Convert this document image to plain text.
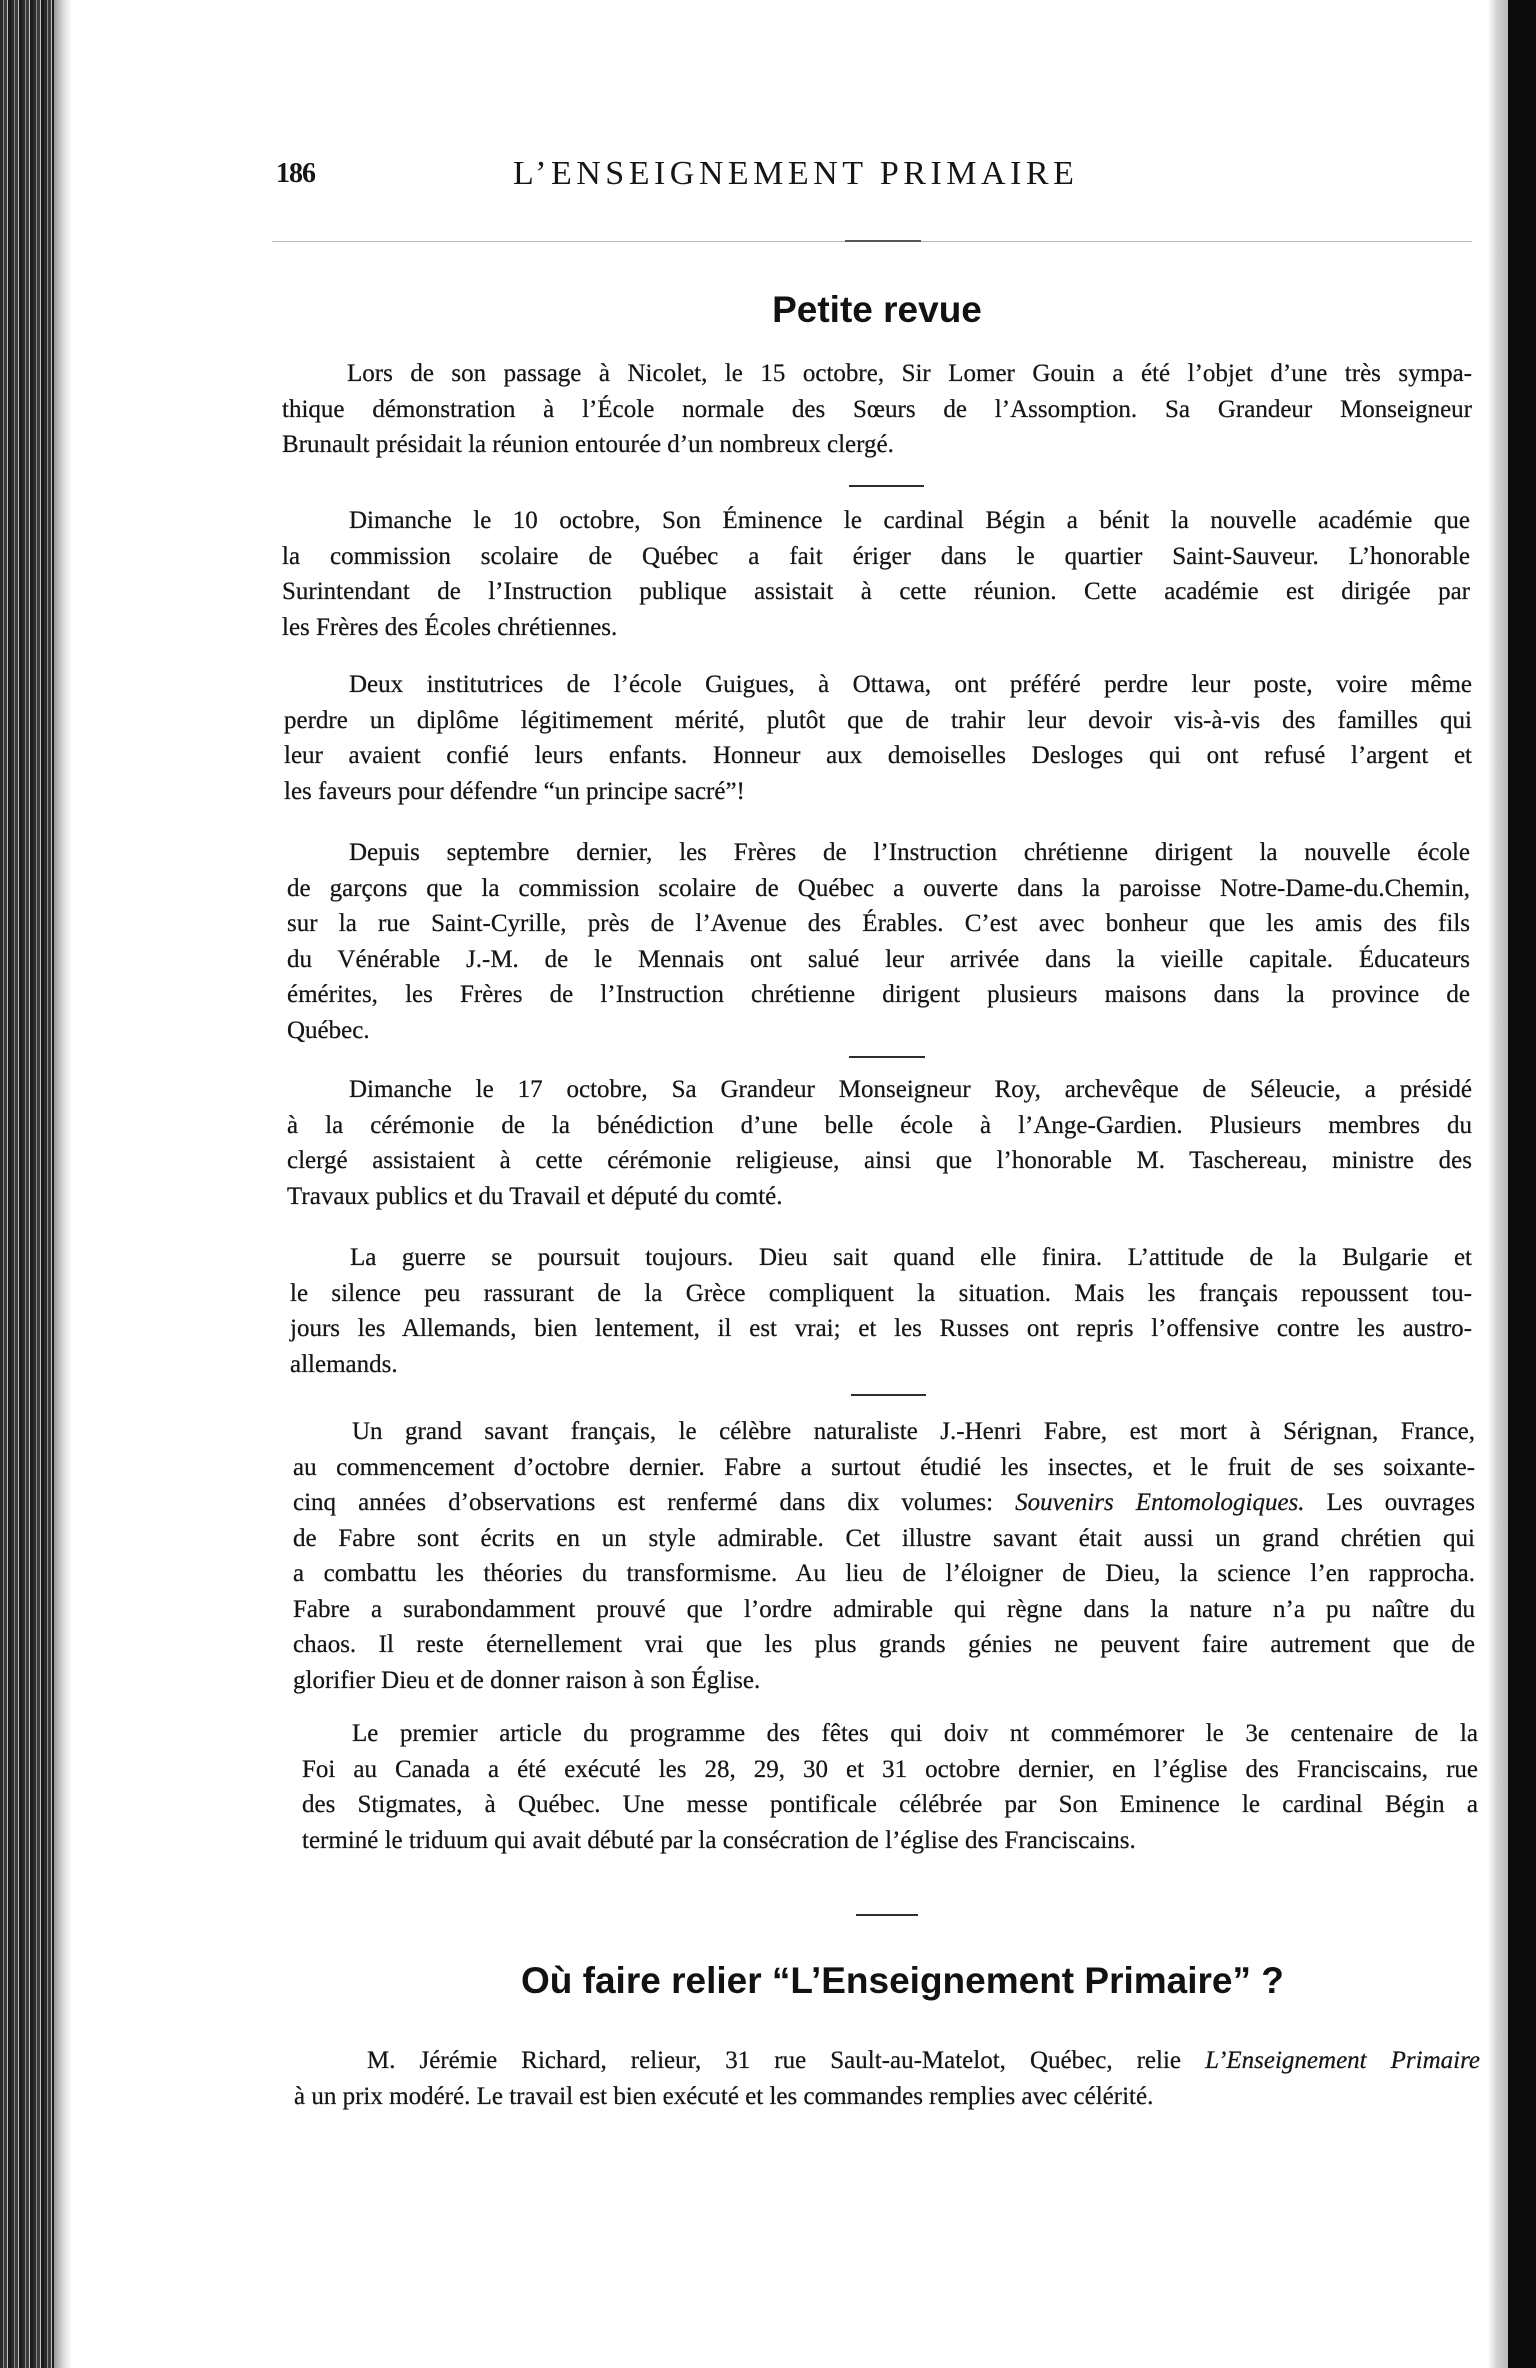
186	L’ENSEIGNEMENT PRIMAIRE
Petite revue
Lors de son passage à Nicolet, le 15 octobre, Sir Lomer Gouin a été l’objet d’une très sympa-
thique démonstration à l’École normale des Sœurs de l’Assomption. Sa Grandeur Monseigneur
Brunault présidait la réunion entourée d’un nombreux clergé.
Dimanche le 10 octobre, Son Éminence le cardinal Bégin a bénit la nouvelle académie que
la commission scolaire de Québec a fait ériger dans le quartier Saint-Sauveur. L’honorable
Surintendant de l’Instruction publique assistait à cette réunion. Cette académie est dirigée par
les Frères des Écoles chrétiennes.
Deux institutrices de l’école Guigues, à Ottawa, ont préféré perdre leur poste, voire même
perdre un diplôme légitimement mérité, plutôt que de trahir leur devoir vis-à-vis des familles qui
leur avaient confié leurs enfants. Honneur aux demoiselles Desloges qui ont refusé l’argent et
les faveurs pour défendre “un principe sacré”!
Depuis septembre dernier, les Frères de l’Instruction chrétienne dirigent la nouvelle école
de garçons que la commission scolaire de Québec a ouverte dans la paroisse Notre-Dame-du.Chemin,
sur la rue Saint-Cyrille, près de l’Avenue des Érables. C’est avec bonheur que les amis des fils
du Vénérable J.-M. de le Mennais ont salué leur arrivée dans la vieille capitale. Éducateurs
émérites, les Frères de l’Instruction chrétienne dirigent plusieurs maisons dans la province de
Québec.
Dimanche le 17 octobre, Sa Grandeur Monseigneur Roy, archevêque de Séleucie, a présidé
à la cérémonie de la bénédiction d’une belle école à l’Ange-Gardien. Plusieurs membres du
clergé assistaient à cette cérémonie religieuse, ainsi que l’honorable M. Taschereau, ministre des
Travaux publics et du Travail et député du comté.
La guerre se poursuit toujours. Dieu sait quand elle finira. L’attitude de la Bulgarie et
le silence peu rassurant de la Grèce compliquent la situation. Mais les français repoussent tou-
jours les Allemands, bien lentement, il est vrai; et les Russes ont repris l’offensive contre les austro-
allemands.
Un grand savant français, le célèbre naturaliste J.-Henri Fabre, est mort à Sérignan, France,
au commencement d’octobre dernier. Fabre a surtout étudié les insectes, et le fruit de ses soixante-
cinq années d’observations est renfermé dans dix volumes: Souvenirs Entomologiques. Les ouvrages
de Fabre sont écrits en un style admirable. Cet illustre savant était aussi un grand chrétien qui
a combattu les théories du transformisme. Au lieu de l’éloigner de Dieu, la science l’en rapprocha.
Fabre a surabondamment prouvé que l’ordre admirable qui règne dans la nature n’a pu naître du
chaos. Il reste éternellement vrai que les plus grands génies ne peuvent faire autrement que de
glorifier Dieu et de donner raison à son Église.
Le premier article du programme des fêtes qui doiv nt commémorer le 3e centenaire de la
Foi au Canada a été exécuté les 28, 29, 30 et 31 octobre dernier, en l’église des Franciscains, rue
des Stigmates, à Québec. Une messe pontificale célébrée par Son Eminence le cardinal Bégin a
terminé le triduum qui avait débuté par la consécration de l’église des Franciscains.
Où faire relier “L’Enseignement Primaire” ?
M. Jérémie Richard, relieur, 31 rue Sault-au-Matelot, Québec, relie L’Enseignement Primaire
à un prix modéré. Le travail est bien exécuté et les commandes remplies avec célérité.
